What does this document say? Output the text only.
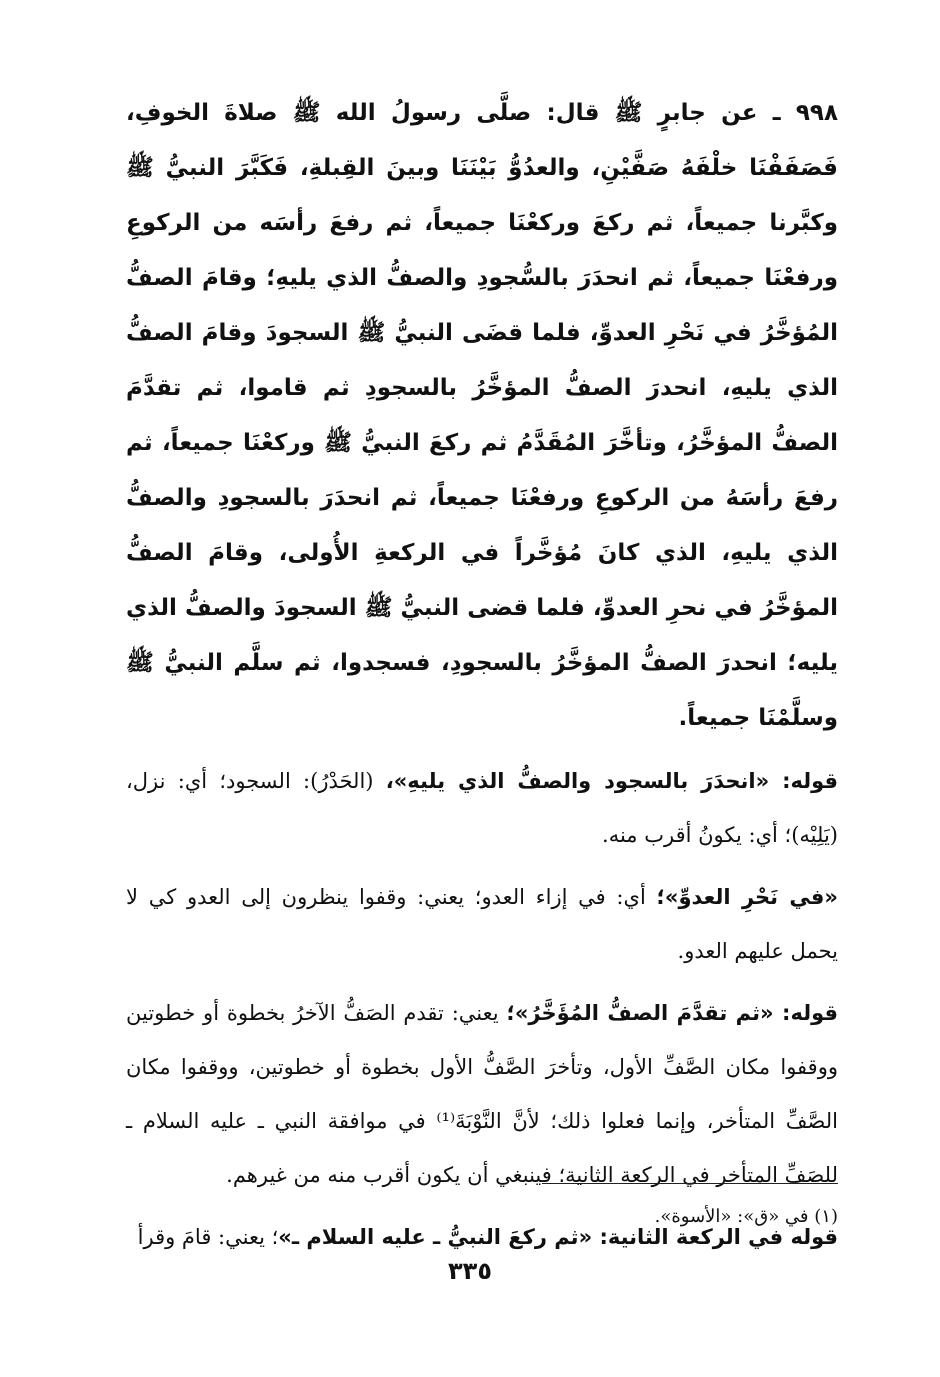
٩٩٨ ـ عن جابرٍ ﷺ قال: صلَّى رسولُ الله ﷺ صلاةَ الخوفِ، فَصَفَفْنَا خلْفَهُ صَفَّيْنِ، والعدُوُّ بَيْنَنَا وبينَ القِبلةِ، فَكَبَّرَ النبيُّ ﷺ وكبَّرنا جميعاً، ثم ركعَ وركعْنَا جميعاً، ثم رفعَ رأسَه من الركوعِ ورفعْنَا جميعاً، ثم انحدَرَ بالسُّجودِ والصفُّ الذي يليهِ؛ وقامَ الصفُّ المُؤخَّرُ في نَحْرِ العدوِّ، فلما قضَى النبيُّ ﷺ السجودَ وقامَ الصفُّ الذي يليهِ، انحدرَ الصفُّ المؤخَّرُ بالسجودِ ثم قاموا، ثم تقدَّمَ الصفُّ المؤخَّرُ، وتأخَّرَ المُقَدَّمُ ثم ركعَ النبيُّ ﷺ وركعْنَا جميعاً، ثم رفعَ رأسَهُ من الركوعِ ورفعْنَا جميعاً، ثم انحدَرَ بالسجودِ والصفُّ الذي يليهِ، الذي كانَ مُؤخَّراً في الركعةِ الأُولى، وقامَ الصفُّ المؤخَّرُ في نحرِ العدوِّ، فلما قضى النبيُّ ﷺ السجودَ والصفُّ الذي يليه؛ انحدرَ الصفُّ المؤخَّرُ بالسجودِ، فسجدوا، ثم سلَّم النبيُّ ﷺ وسلَّمْنَا جميعاً.

قوله: «انحدَرَ بالسجود والصفُّ الذي يليهِ»، (الحَدْرُ): السجود؛ أي: نزل، (يَلِيْه)؛ أي: يكونُ أقرب منه.

«في نَحْرِ العدوِّ»؛ أي: في إزاء العدو؛ يعني: وقفوا ينظرون إلى العدو كي لا يحمل عليهم العدو.

قوله: «ثم تقدَّمَ الصفُّ المُؤَخَّرُ»؛ يعني: تقدم الصَفُّ الآخرُ بخطوة أو خطوتين ووقفوا مكان الصَّفِّ الأول، وتأخرَ الصَّفُّ الأول بخطوة أو خطوتين، ووقفوا مكان الصَّفِّ المتأخر، وإنما فعلوا ذلك؛ لأنَّ النَّوْبَةَ⁽¹⁾ في موافقة النبي ـ عليه السلام ـ للصَفِّ المتأخر في الركعة الثانية؛ فينبغي أن يكون أقرب منه من غيرهم.

قوله في الركعة الثانية: «ثم ركعَ النبيُّ ـ عليه السلام ـ»؛ يعني: قامَ وقرأ

(١) في «ق»: «الأسوة».
٣٣٥
